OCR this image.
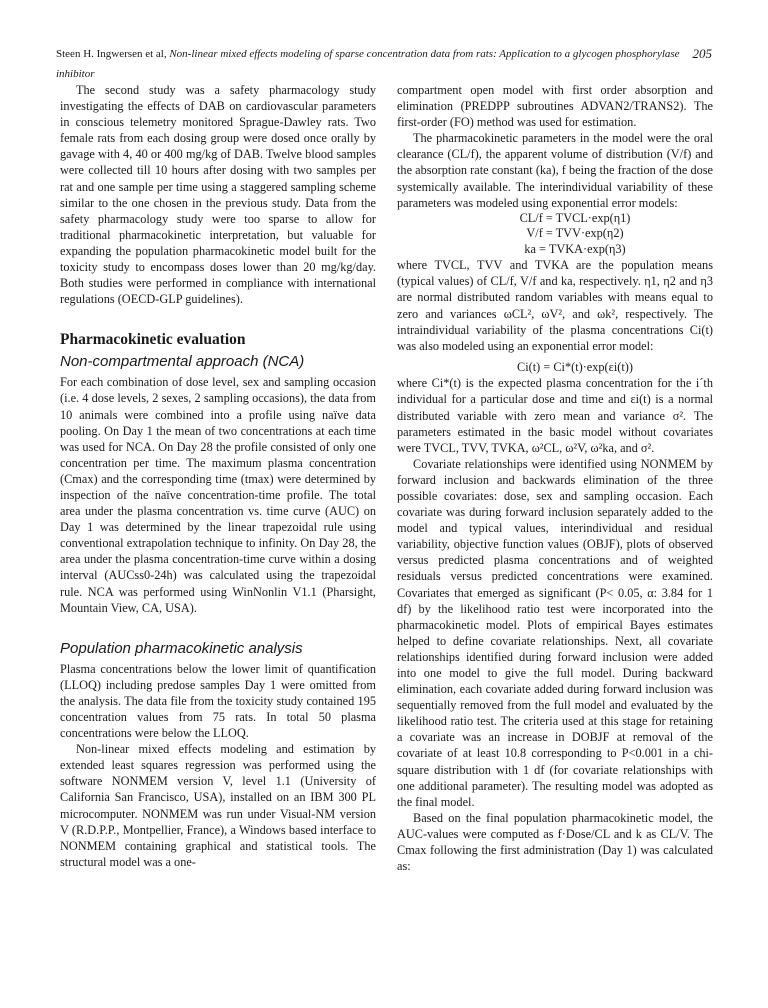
Steen H. Ingwersen et al, Non-linear mixed effects modeling of sparse concentration data from rats: Application to a glycogen phosphorylase inhibitor
205

The second study was a safety pharmacology study investigating the effects of DAB on cardiovascular parameters in conscious telemetry monitored Sprague-Dawley rats. Two female rats from each dosing group were dosed once orally by gavage with 4, 40 or 400 mg/kg of DAB. Twelve blood samples were collected till 10 hours after dosing with two samples per rat and one sample per time using a staggered sampling scheme similar to the one chosen in the previous study. Data from the safety pharmacology study were too sparse to allow for traditional pharmacokinetic interpretation, but valuable for expanding the population pharmacokinetic model built for the toxicity study to encompass doses lower than 20 mg/kg/day. Both studies were performed in compliance with international regulations (OECD-GLP guidelines).

Pharmacokinetic evaluation
Non-compartmental approach (NCA)

For each combination of dose level, sex and sampling occasion (i.e. 4 dose levels, 2 sexes, 2 sampling occasions), the data from 10 animals were combined into a profile using naïve data pooling. On Day 1 the mean of two concentrations at each time was used for NCA. On Day 28 the profile consisted of only one concentration per time. The maximum plasma concentration (Cmax) and the corresponding time (tmax) were determined by inspection of the naïve concentration-time profile. The total area under the plasma concentration vs. time curve (AUC) on Day 1 was determined by the linear trapezoidal rule using conventional extrapolation technique to infinity. On Day 28, the area under the plasma concentration-time curve within a dosing interval (AUCss0-24h) was calculated using the trapezoidal rule. NCA was performed using WinNonlin V1.1 (Pharsight, Mountain View, CA, USA).

Population pharmacokinetic analysis

Plasma concentrations below the lower limit of quantification (LLOQ) including predose samples Day 1 were omitted from the analysis. The data file from the toxicity study contained 195 concentration values from 75 rats. In total 50 plasma concentrations were below the LLOQ.

Non-linear mixed effects modeling and estimation by extended least squares regression was performed using the software NONMEM version V, level 1.1 (University of California San Francisco, USA), installed on an IBM 300 PL microcomputer. NONMEM was run under Visual-NM version V (R.D.P.P., Montpellier, France), a Windows based interface to NONMEM containing graphical and statistical tools. The structural model was a one-

compartment open model with first order absorption and elimination (PREDPP subroutines ADVAN2/TRANS2). The first-order (FO) method was used for estimation.

The pharmacokinetic parameters in the model were the oral clearance (CL/f), the apparent volume of distribution (V/f) and the absorption rate constant (ka), f being the fraction of the dose systemically available. The interindividual variability of these parameters was modeled using exponential error models:

CL/f = TVCL·exp(η1)
V/f = TVV·exp(η2)
ka = TVKA·exp(η3)

where TVCL, TVV and TVKA are the population means (typical values) of CL/f, V/f and ka, respectively. η1, η2 and η3 are normal distributed random variables with means equal to zero and variances ωCL², ωV², and ωk², respectively. The intraindividual variability of the plasma concentrations Ci(t) was also modeled using an exponential error model:

Ci(t) = Ci*(t)·exp(εi(t))

where Ci*(t) is the expected plasma concentration for the i´th individual for a particular dose and time and εi(t) is a normal distributed variable with zero mean and variance σ². The parameters estimated in the basic model without covariates were TVCL, TVV, TVKA, ω²CL, ω²V, ω²ka, and σ².

Covariate relationships were identified using NONMEM by forward inclusion and backwards elimination of the three possible covariates: dose, sex and sampling occasion. Each covariate was during forward inclusion separately added to the model and typical values, interindividual and residual variability, objective function values (OBJF), plots of observed versus predicted plasma concentrations and of weighted residuals versus predicted concentrations were examined. Covariates that emerged as significant (P< 0.05, α: 3.84 for 1 df) by the likelihood ratio test were incorporated into the pharmacokinetic model. Plots of empirical Bayes estimates helped to define covariate relationships. Next, all covariate relationships identified during forward inclusion were added into one model to give the full model. During backward elimination, each covariate added during forward inclusion was sequentially removed from the full model and evaluated by the likelihood ratio test. The criteria used at this stage for retaining a covariate was an increase in DOBJF at removal of the covariate of at least 10.8 corresponding to P<0.001 in a chi-square distribution with 1 df (for covariate relationships with one additional parameter). The resulting model was adopted as the final model.

Based on the final population pharmacokinetic model, the AUC-values were computed as f·Dose/CL and k as CL/V. The Cmax following the first administration (Day 1) was calculated as:
